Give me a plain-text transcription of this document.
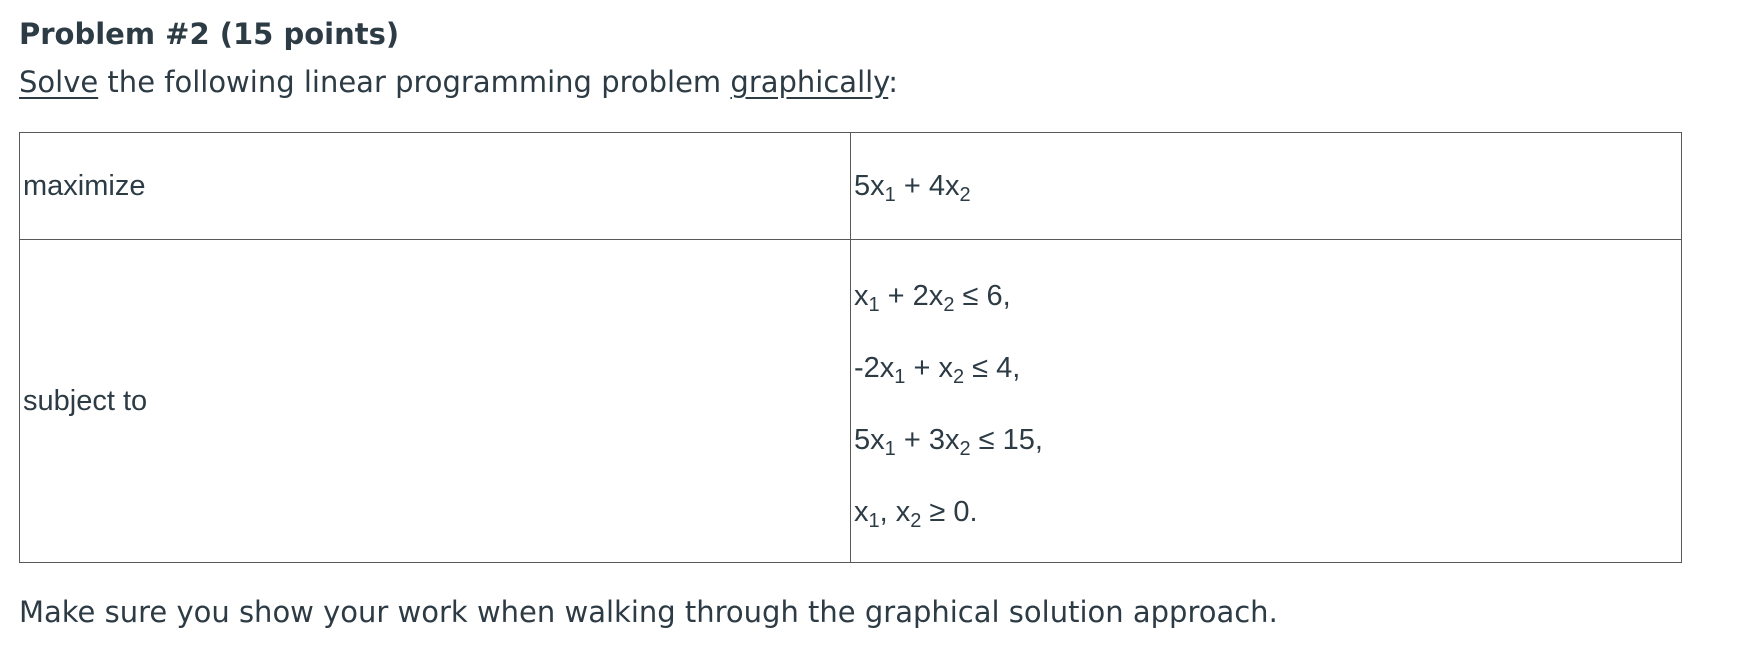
Problem #2 (15 points)
Solve the following linear programming problem graphically:
maximize	$5x_1 + 4x_2$
subject to	$x_1 + 2x_2 \le 6$,
$-2x_1 + x_2 \le 4$,
$5x_1 + 3x_2 \le 15$,
$x_1$, $x_2 \ge 0$.
Make sure you show your work when walking through the graphical solution approach.
